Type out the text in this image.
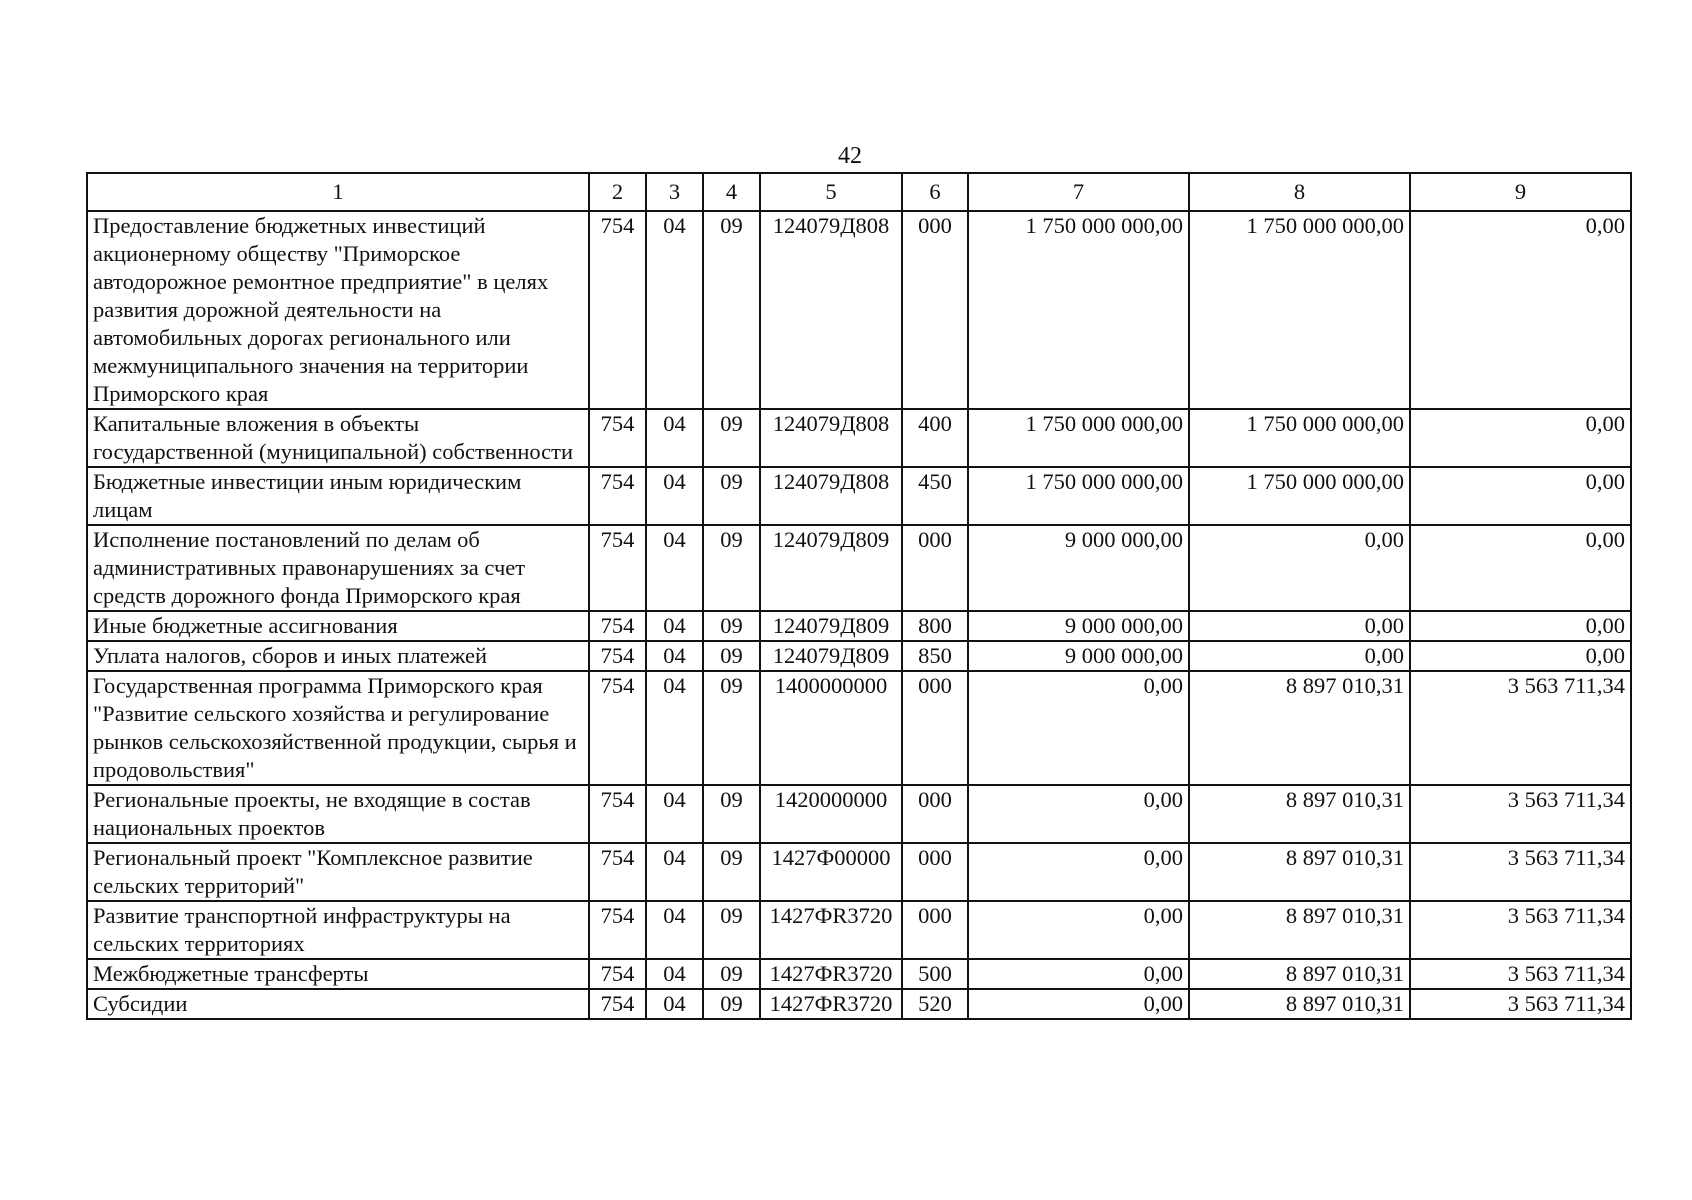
42
1	2	3	4	5	6	7	8	9
Предоставление бюджетных инвестиций акционерному обществу "Приморское автодорожное ремонтное предприятие" в целях развития дорожной деятельности на автомобильных дорогах регионального или межмуниципального значения на территории Приморского края	754	04	09	124079Д808	000	1 750 000 000,00	1 750 000 000,00	0,00
Капитальные вложения в объекты государственной (муниципальной) собственности	754	04	09	124079Д808	400	1 750 000 000,00	1 750 000 000,00	0,00
Бюджетные инвестиции иным юридическим лицам	754	04	09	124079Д808	450	1 750 000 000,00	1 750 000 000,00	0,00
Исполнение постановлений по делам об административных правонарушениях за счет средств дорожного фонда Приморского края	754	04	09	124079Д809	000	9 000 000,00	0,00	0,00
Иные бюджетные ассигнования	754	04	09	124079Д809	800	9 000 000,00	0,00	0,00
Уплата налогов, сборов и иных платежей	754	04	09	124079Д809	850	9 000 000,00	0,00	0,00
Государственная программа Приморского края "Развитие сельского хозяйства и регулирование рынков сельскохозяйственной продукции, сырья и продовольствия"	754	04	09	1400000000	000	0,00	8 897 010,31	3 563 711,34
Региональные проекты, не входящие в состав национальных проектов	754	04	09	1420000000	000	0,00	8 897 010,31	3 563 711,34
Региональный проект "Комплексное развитие сельских территорий"	754	04	09	1427Ф00000	000	0,00	8 897 010,31	3 563 711,34
Развитие транспортной инфраструктуры на сельских территориях	754	04	09	1427ФR3720	000	0,00	8 897 010,31	3 563 711,34
Межбюджетные трансферты	754	04	09	1427ФR3720	500	0,00	8 897 010,31	3 563 711,34
Субсидии	754	04	09	1427ФR3720	520	0,00	8 897 010,31	3 563 711,34
